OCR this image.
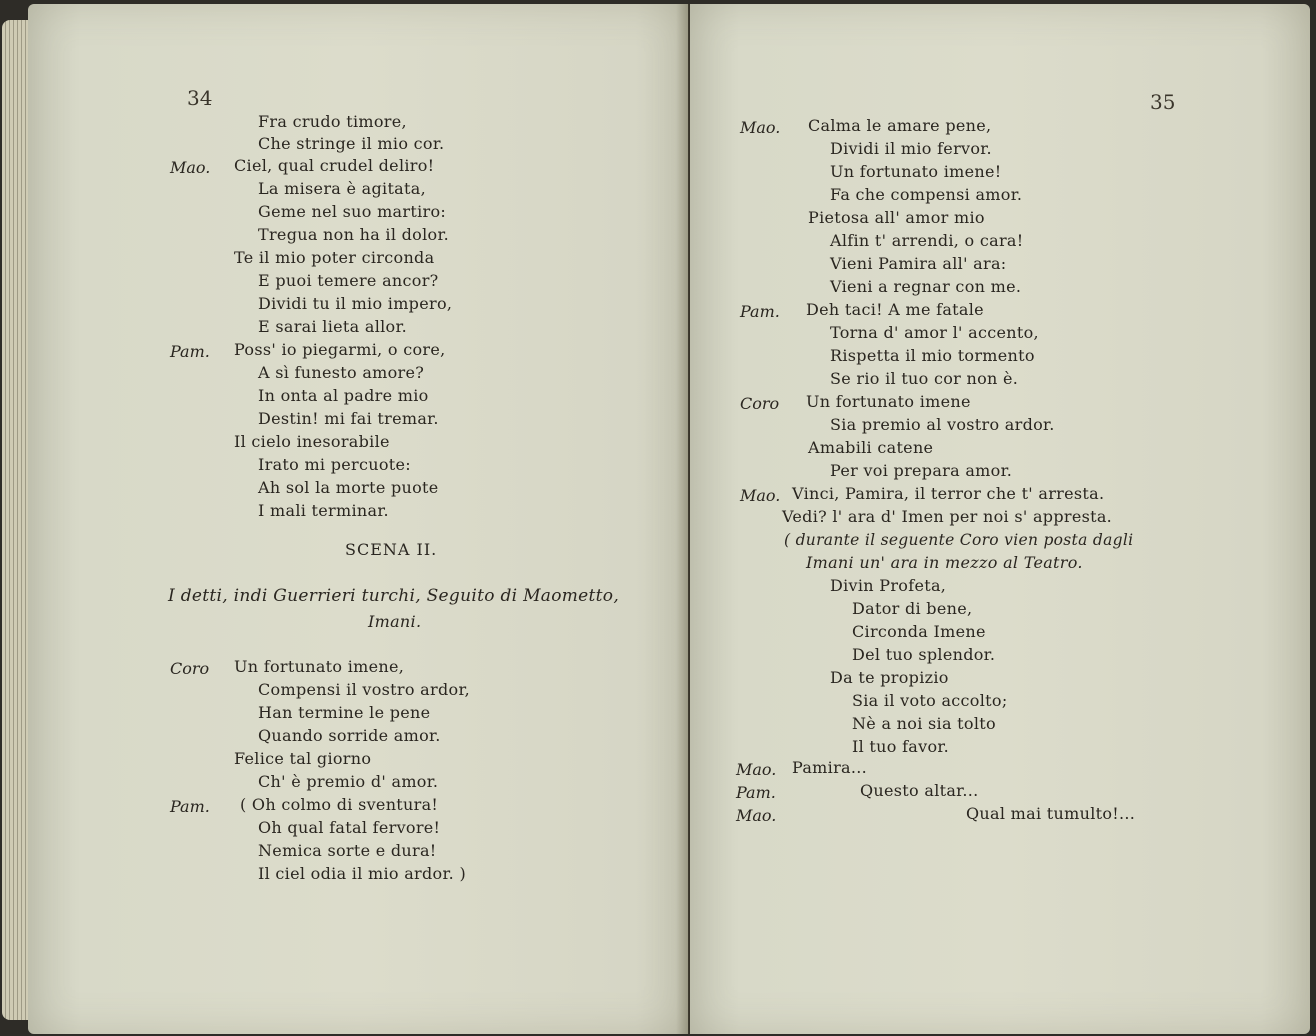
34
Fra crudo timore,
Che stringe il mio cor.
Mao. Ciel, qual crudel deliro!
La misera è agitata,
Geme nel suo martiro:
Tregua non ha il dolor.
Te il mio poter circonda
E puoi temere ancor?
Dividi tu il mio impero,
E sarai lieta allor.
Pam. Poss' io piegarmi, o core,
A sì funesto amore?
In onta al padre mio
Destin! mi fai tremar.
Il cielo inesorabile
Irato mi percuote:
Ah sol la morte puote
I mali terminar.
SCENA II.
I detti, indi Guerrieri turchi, Seguito di Maometto,
Imani.
Coro Un fortunato imene,
Compensi il vostro ardor,
Han termine le pene
Quando sorride amor.
Felice tal giorno
Ch' è premio d' amor.
Pam. ( Oh colmo di sventura!
Oh qual fatal fervore!
Nemica sorte e dura!
Il ciel odia il mio ardor. )
35
Mao. Calma le amare pene,
Dividi il mio fervor.
Un fortunato imene!
Fa che compensi amor.
Pietosa all' amor mio
Alfin t' arrendi, o cara!
Vieni Pamira all' ara:
Vieni a regnar con me.
Pam. Deh taci! A me fatale
Torna d' amor l' accento,
Rispetta il mio tormento
Se rio il tuo cor non è.
Coro Un fortunato imene
Sia premio al vostro ardor.
Amabili catene
Per voi prepara amor.
Mao. Vinci, Pamira, il terror che t' arresta.
Vedi? l' ara d' Imen per noi s' appresta.
( durante il seguente Coro vien posta dagli
Imani un' ara in mezzo al Teatro.
Divin Profeta,
Dator di bene,
Circonda Imene
Del tuo splendor.
Da te propizio
Sia il voto accolto;
Nè a noi sia tolto
Il tuo favor.
Mao. Pamira...
Pam.	Questo altar...
Mao.	Qual mai tumulto!...
